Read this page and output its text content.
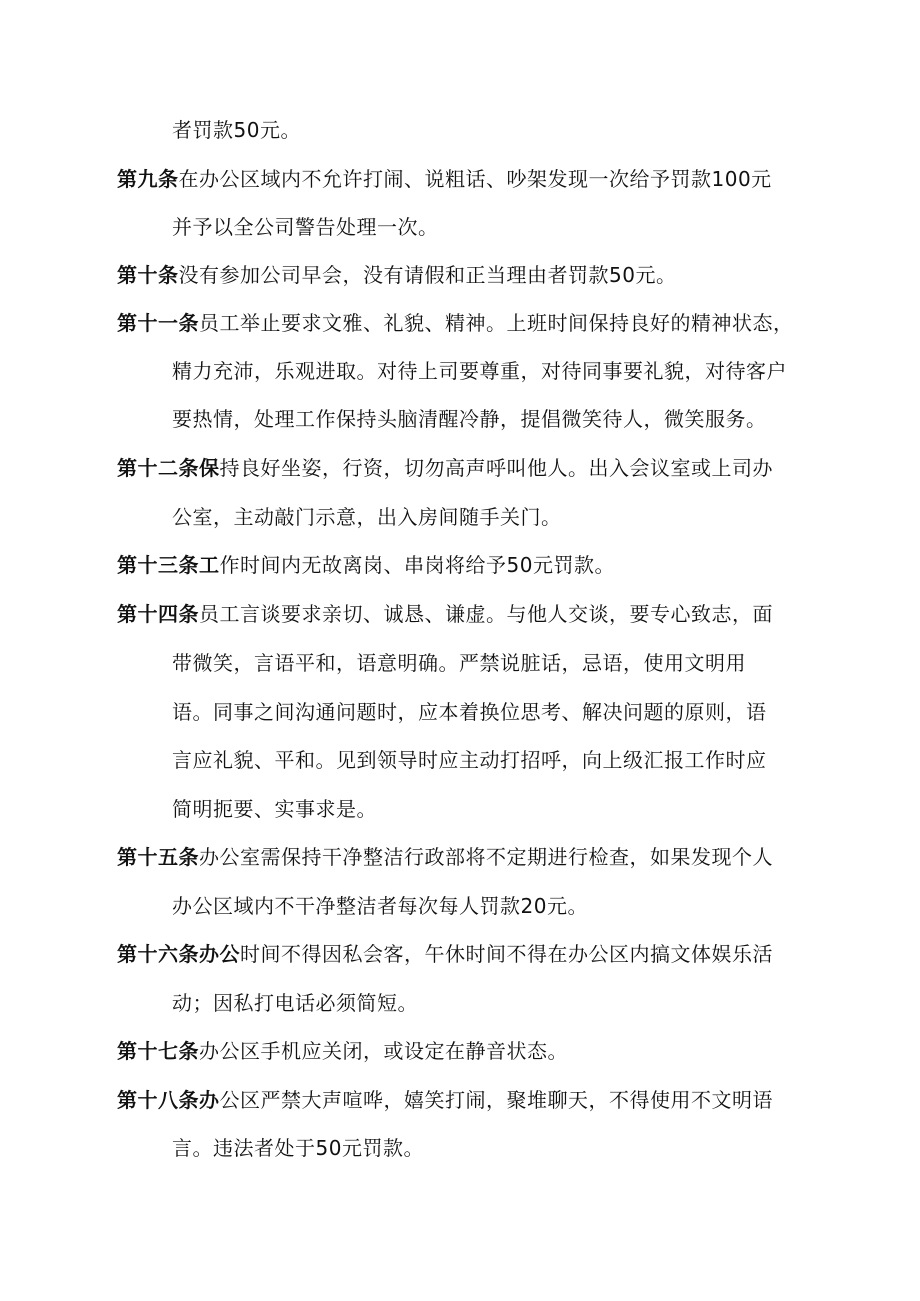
者罚款50元。
第九条在办公区域内不允许打闹、说粗话、吵架发现一次给予罚款100元
并予以全公司警告处理一次。
第十条没有参加公司早会，没有请假和正当理由者罚款50元。
第十一条员工举止要求文雅、礼貌、精神。上班时间保持良好的精神状态，
精力充沛，乐观进取。对待上司要尊重，对待同事要礼貌，对待客户
要热情，处理工作保持头脑清醒冷静，提倡微笑待人，微笑服务。
第十二条保持良好坐姿，行资，切勿高声呼叫他人。出入会议室或上司办
公室，主动敲门示意，出入房间随手关门。
第十三条工作时间内无故离岗、串岗将给予50元罚款。
第十四条员工言谈要求亲切、诚恳、谦虚。与他人交谈，要专心致志，面
带微笑，言语平和，语意明确。严禁说脏话，忌语，使用文明用
语。同事之间沟通问题时，应本着换位思考、解决问题的原则，语
言应礼貌、平和。见到领导时应主动打招呼，向上级汇报工作时应
简明扼要、实事求是。
第十五条办公室需保持干净整洁行政部将不定期进行检查，如果发现个人
办公区域内不干净整洁者每次每人罚款20元。
第十六条办公时间不得因私会客，午休时间不得在办公区内搞文体娱乐活
动；因私打电话必须简短。
第十七条办公区手机应关闭，或设定在静音状态。
第十八条办公区严禁大声喧哗，嬉笑打闹，聚堆聊天，不得使用不文明语
言。违法者处于50元罚款。
